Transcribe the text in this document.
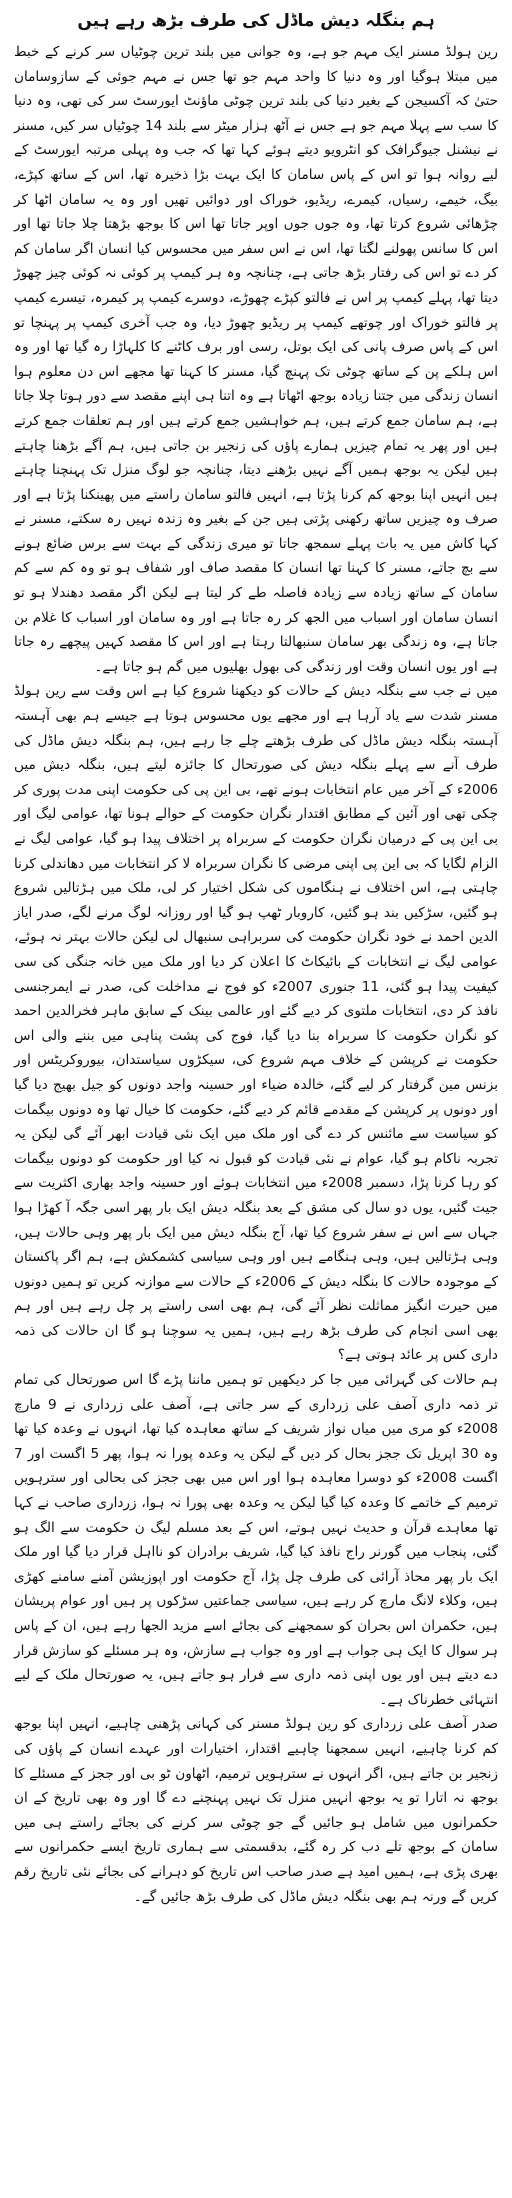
ہم بنگلہ دیش ماڈل کی طرف بڑھ رہے ہیں

رین ہولڈ مسنر ایک مہم جو ہے، وہ جوانی میں بلند ترین چوٹیاں سر کرنے کے خبط میں مبتلا ہوگیا اور وہ دنیا کا واحد مہم جو تھا جس نے مہم جوئی کے سازوسامان حتیٰ کہ آکسیجن کے بغیر دنیا کی بلند ترین چوٹی ماؤنٹ ایورسٹ سر کی تھی، وہ دنیا کا سب سے پہلا مہم جو ہے جس نے آٹھ ہزار میٹر سے بلند 14 چوٹیاں سر کیں، مسنر نے نیشنل جیوگرافک کو انٹرویو دیتے ہوئے کہا تھا کہ جب وہ پہلی مرتبہ ایورسٹ کے لیے روانہ ہوا تو اس کے پاس سامان کا ایک بہت بڑا ذخیرہ تھا، اس کے ساتھ کپڑے، بیگ، خیمے، رسیاں، کیمرے، ریڈیو، خوراک اور دوائیں تھیں اور وہ یہ سامان اٹھا کر چڑھائی شروع کرتا تھا، وہ جوں جوں اوپر جاتا تھا اس کا بوجھ بڑھتا چلا جاتا تھا اور اس کا سانس پھولنے لگتا تھا، اس نے اس سفر میں محسوس کیا انسان اگر سامان کم کر دے تو اس کی رفتار بڑھ جاتی ہے، چنانچہ وہ ہر کیمپ پر کوئی نہ کوئی چیز چھوڑ دیتا تھا، پہلے کیمپ پر اس نے فالتو کپڑے چھوڑے، دوسرے کیمپ پر کیمرہ، تیسرے کیمپ پر فالتو خوراک اور چوتھے کیمپ پر ریڈیو چھوڑ دیا، وہ جب آخری کیمپ پر پہنچا تو اس کے پاس صرف پانی کی ایک بوتل، رسی اور برف کاٹنے کا کلہاڑا رہ گیا تھا اور وہ اس ہلکے پن کے ساتھ چوٹی تک پہنچ گیا، مسنر کا کہنا تھا مجھے اس دن معلوم ہوا انسان زندگی میں جتنا زیادہ بوجھ اٹھاتا ہے وہ اتنا ہی اپنے مقصد سے دور ہوتا چلا جاتا ہے، ہم سامان جمع کرتے ہیں، ہم خواہشیں جمع کرتے ہیں اور ہم تعلقات جمع کرتے ہیں اور پھر یہ تمام چیزیں ہمارے پاؤں کی زنجیر بن جاتی ہیں، ہم آگے بڑھنا چاہتے ہیں لیکن یہ بوجھ ہمیں آگے نہیں بڑھنے دیتا، چنانچہ جو لوگ منزل تک پہنچنا چاہتے ہیں انہیں اپنا بوجھ کم کرنا پڑتا ہے، انہیں فالتو سامان راستے میں پھینکنا پڑتا ہے اور صرف وہ چیزیں ساتھ رکھنی پڑتی ہیں جن کے بغیر وہ زندہ نہیں رہ سکتے، مسنر نے کہا کاش میں یہ بات پہلے سمجھ جاتا تو میری زندگی کے بہت سے برس ضائع ہونے سے بچ جاتے، مسنر کا کہنا تھا انسان کا مقصد صاف اور شفاف ہو تو وہ کم سے کم سامان کے ساتھ زیادہ سے زیادہ فاصلہ طے کر لیتا ہے لیکن اگر مقصد دھندلا ہو تو انسان سامان اور اسباب میں الجھ کر رہ جاتا ہے اور وہ سامان اور اسباب کا غلام بن جاتا ہے، وہ زندگی بھر سامان سنبھالتا رہتا ہے اور اس کا مقصد کہیں پیچھے رہ جاتا ہے اور یوں انسان وقت اور زندگی کی بھول بھلیوں میں گم ہو جاتا ہے۔

میں نے جب سے بنگلہ دیش کے حالات کو دیکھنا شروع کیا ہے اس وقت سے رین ہولڈ مسنر شدت سے یاد آرہا ہے اور مجھے یوں محسوس ہوتا ہے جیسے ہم بھی آہستہ آہستہ بنگلہ دیش ماڈل کی طرف بڑھتے چلے جا رہے ہیں، ہم بنگلہ دیش ماڈل کی طرف آنے سے پہلے بنگلہ دیش کی صورتحال کا جائزہ لیتے ہیں، بنگلہ دیش میں 2006ء کے آخر میں عام انتخابات ہونے تھے، بی این پی کی حکومت اپنی مدت پوری کر چکی تھی اور آئین کے مطابق اقتدار نگران حکومت کے حوالے ہونا تھا، عوامی لیگ اور بی این پی کے درمیان نگران حکومت کے سربراہ پر اختلاف پیدا ہو گیا، عوامی لیگ نے الزام لگایا کہ بی این پی اپنی مرضی کا نگران سربراہ لا کر انتخابات میں دھاندلی کرنا چاہتی ہے، اس اختلاف نے ہنگاموں کی شکل اختیار کر لی، ملک میں ہڑتالیں شروع ہو گئیں، سڑکیں بند ہو گئیں، کاروبار ٹھپ ہو گیا اور روزانہ لوگ مرنے لگے، صدر ایاز الدین احمد نے خود نگران حکومت کی سربراہی سنبھال لی لیکن حالات بہتر نہ ہوئے، عوامی لیگ نے انتخابات کے بائیکاٹ کا اعلان کر دیا اور ملک میں خانہ جنگی کی سی کیفیت پیدا ہو گئی، 11 جنوری 2007ء کو فوج نے مداخلت کی، صدر نے ایمرجنسی نافذ کر دی، انتخابات ملتوی کر دیے گئے اور عالمی بینک کے سابق ماہر فخرالدین احمد کو نگران حکومت کا سربراہ بنا دیا گیا، فوج کی پشت پناہی میں بننے والی اس حکومت نے کرپشن کے خلاف مہم شروع کی، سیکڑوں سیاستدان، بیوروکریٹس اور بزنس مین گرفتار کر لیے گئے، خالدہ ضیاء اور حسینہ واجد دونوں کو جیل بھیج دیا گیا اور دونوں پر کرپشن کے مقدمے قائم کر دیے گئے، حکومت کا خیال تھا وہ دونوں بیگمات کو سیاست سے مائنس کر دے گی اور ملک میں ایک نئی قیادت ابھر آئے گی لیکن یہ تجربہ ناکام ہو گیا، عوام نے نئی قیادت کو قبول نہ کیا اور حکومت کو دونوں بیگمات کو رہا کرنا پڑا، دسمبر 2008ء میں انتخابات ہوئے اور حسینہ واجد بھاری اکثریت سے جیت گئیں، یوں دو سال کی مشق کے بعد بنگلہ دیش ایک بار پھر اسی جگہ آ کھڑا ہوا جہاں سے اس نے سفر شروع کیا تھا، آج بنگلہ دیش میں ایک بار پھر وہی حالات ہیں، وہی ہڑتالیں ہیں، وہی ہنگامے ہیں اور وہی سیاسی کشمکش ہے، ہم اگر پاکستان کے موجودہ حالات کا بنگلہ دیش کے 2006ء کے حالات سے موازنہ کریں تو ہمیں دونوں میں حیرت انگیز مماثلت نظر آئے گی، ہم بھی اسی راستے پر چل رہے ہیں اور ہم بھی اسی انجام کی طرف بڑھ رہے ہیں، ہمیں یہ سوچنا ہو گا ان حالات کی ذمہ داری کس پر عائد ہوتی ہے؟

ہم حالات کی گہرائی میں جا کر دیکھیں تو ہمیں ماننا پڑے گا اس صورتحال کی تمام تر ذمہ داری آصف علی زرداری کے سر جاتی ہے، آصف علی زرداری نے 9 مارچ 2008ء کو مری میں میاں نواز شریف کے ساتھ معاہدہ کیا تھا، انہوں نے وعدہ کیا تھا وہ 30 اپریل تک ججز بحال کر دیں گے لیکن یہ وعدہ پورا نہ ہوا، پھر 5 اگست اور 7 اگست 2008ء کو دوسرا معاہدہ ہوا اور اس میں بھی ججز کی بحالی اور سترہویں ترمیم کے خاتمے کا وعدہ کیا گیا لیکن یہ وعدہ بھی پورا نہ ہوا، زرداری صاحب نے کہا تھا معاہدے قرآن و حدیث نہیں ہوتے، اس کے بعد مسلم لیگ ن حکومت سے الگ ہو گئی، پنجاب میں گورنر راج نافذ کیا گیا، شریف برادران کو نااہل قرار دیا گیا اور ملک ایک بار پھر محاذ آرائی کی طرف چل پڑا، آج حکومت اور اپوزیشن آمنے سامنے کھڑی ہیں، وکلاء لانگ مارچ کر رہے ہیں، سیاسی جماعتیں سڑکوں پر ہیں اور عوام پریشان ہیں، حکمران اس بحران کو سمجھنے کی بجائے اسے مزید الجھا رہے ہیں، ان کے پاس ہر سوال کا ایک ہی جواب ہے اور وہ جواب ہے سازش، وہ ہر مسئلے کو سازش قرار دے دیتے ہیں اور یوں اپنی ذمہ داری سے فرار ہو جاتے ہیں، یہ صورتحال ملک کے لیے انتہائی خطرناک ہے۔

صدر آصف علی زرداری کو رین ہولڈ مسنر کی کہانی پڑھنی چاہیے، انہیں اپنا بوجھ کم کرنا چاہیے، انہیں سمجھنا چاہیے اقتدار، اختیارات اور عہدے انسان کے پاؤں کی زنجیر بن جاتے ہیں، اگر انہوں نے سترہویں ترمیم، اٹھاون ٹو بی اور ججز کے مسئلے کا بوجھ نہ اتارا تو یہ بوجھ انہیں منزل تک نہیں پہنچنے دے گا اور وہ بھی تاریخ کے ان حکمرانوں میں شامل ہو جائیں گے جو چوٹی سر کرنے کی بجائے راستے ہی میں سامان کے بوجھ تلے دب کر رہ گئے، بدقسمتی سے ہماری تاریخ ایسے حکمرانوں سے بھری پڑی ہے، ہمیں امید ہے صدر صاحب اس تاریخ کو دہرانے کی بجائے نئی تاریخ رقم کریں گے ورنہ ہم بھی بنگلہ دیش ماڈل کی طرف بڑھ جائیں گے۔
